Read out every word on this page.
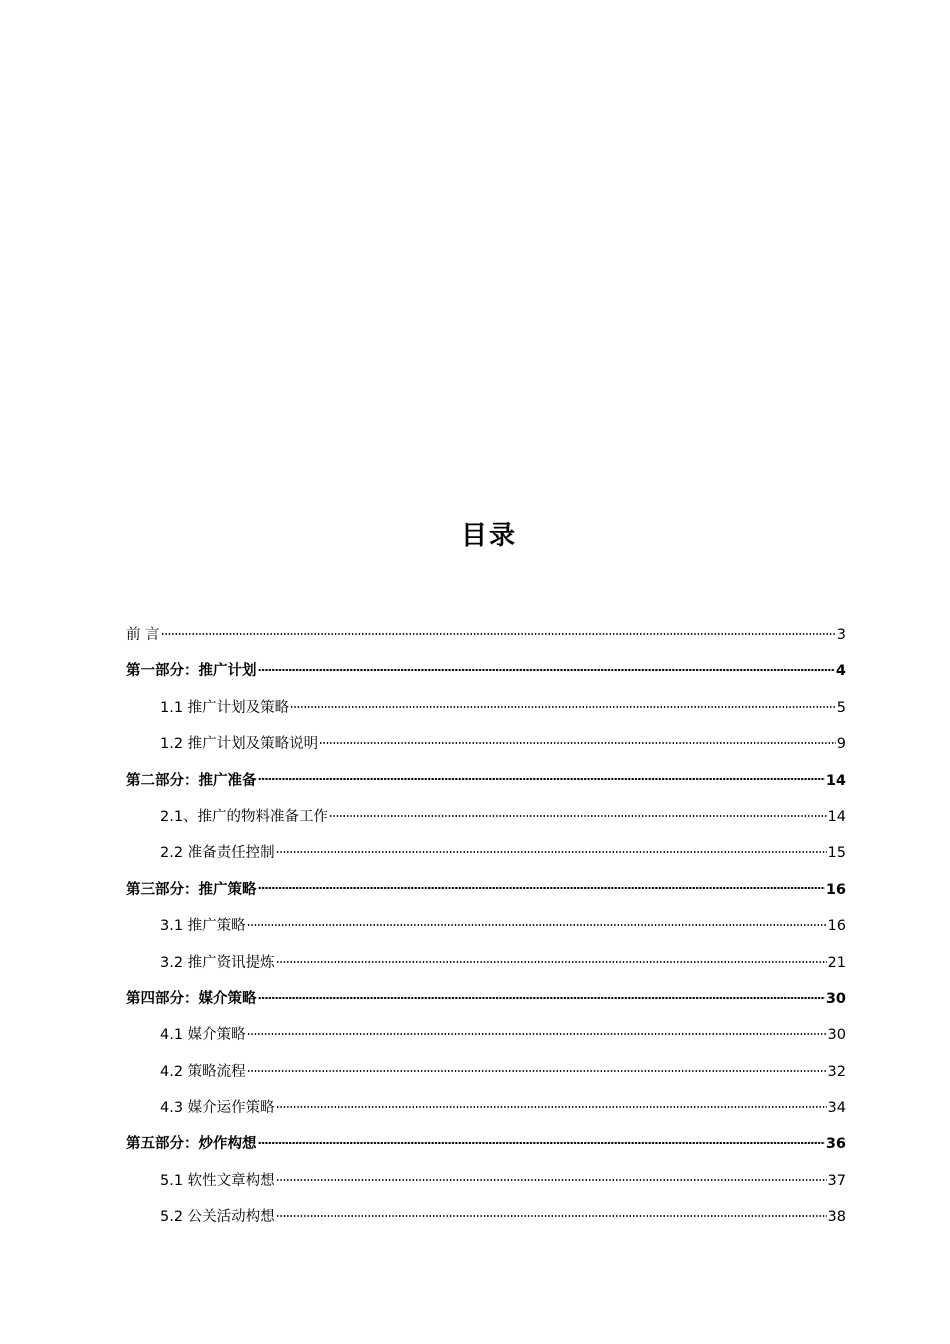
目录
前 言	3
第一部分：推广计划	4
1.1 推广计划及策略	5
1.2 推广计划及策略说明	9
第二部分：推广准备	14
2.1、推广的物料准备工作	14
2.2 准备责任控制	15
第三部分：推广策略	16
3.1 推广策略	16
3.2 推广资讯提炼	21
第四部分：媒介策略	30
4.1 媒介策略	30
4.2 策略流程	32
4.3 媒介运作策略	34
第五部分：炒作构想	36
5.1 软性文章构想	37
5.2 公关活动构想	38
